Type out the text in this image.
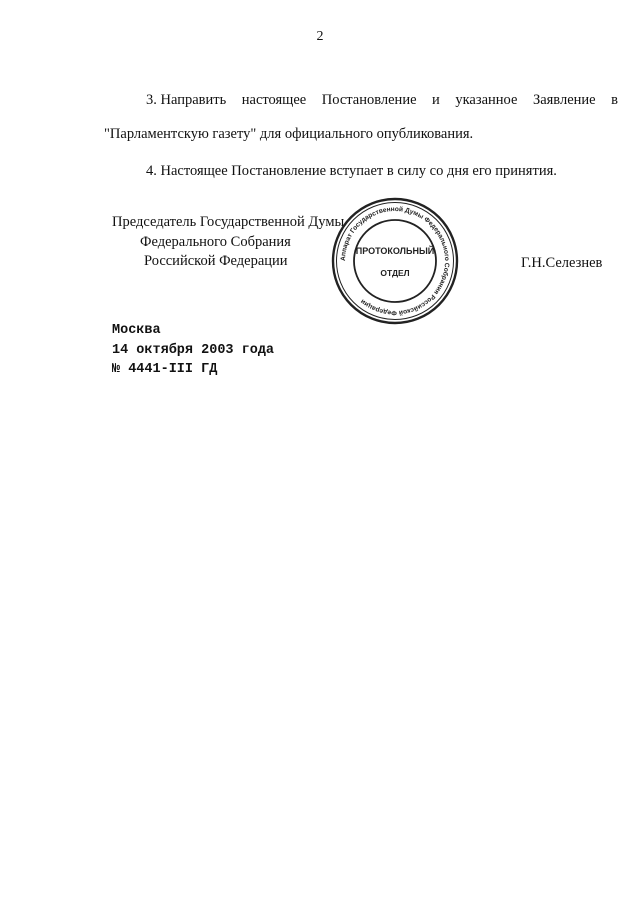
2
3. Направить настоящее Постановление и указанное Заявление в
"Парламентскую газету" для официального опубликования.
4. Настоящее Постановление вступает в силу со дня его принятия.
Председатель Государственной Думы
Федерального Собрания
Российской Федерации	Г.Н.Селезнев
Аппарат Государственной Думы Федерального Собрания Российской Федерации
ПРОТОКОЛЬНЫЙ
ОТДЕЛ
Москва
14 октября 2003 года
№ 4441-III ГД
